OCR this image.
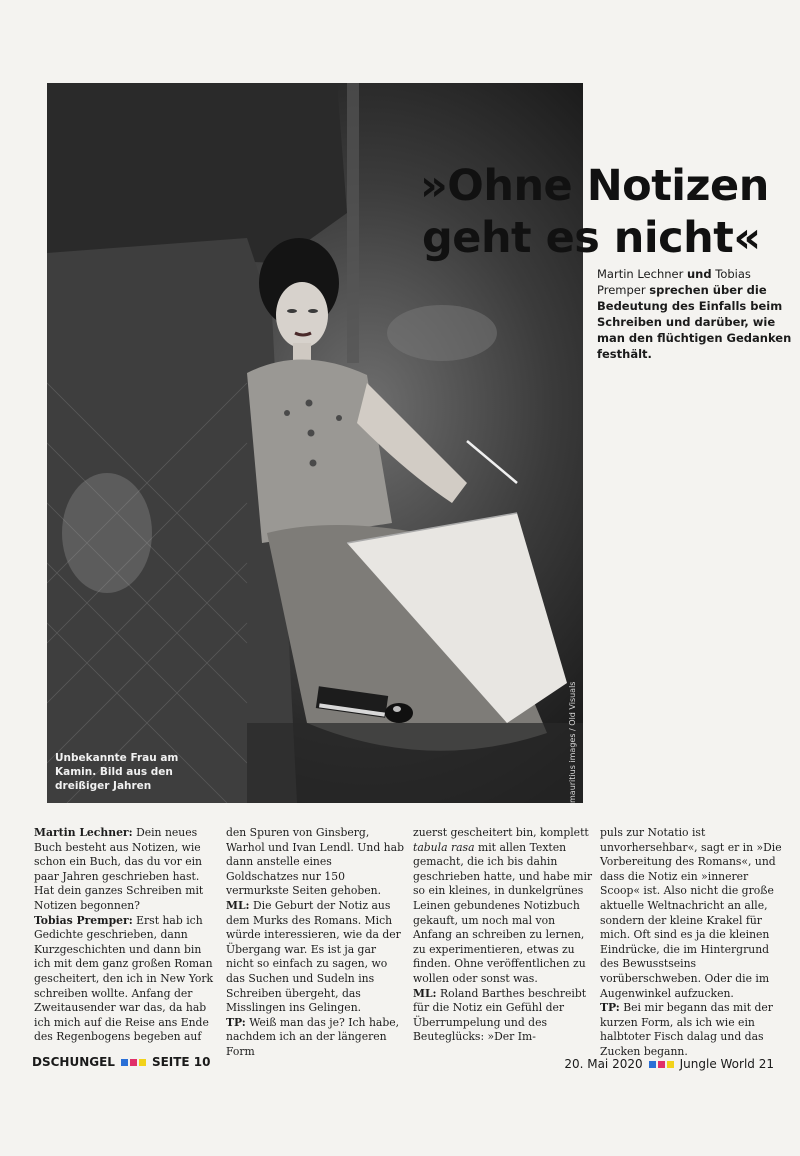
Unbekannte Frau am Kamin. Bild aus den dreißiger Jahren	mauritius images / Old Visuals
»Ohne Notizen
geht es nicht«
Martin Lechner und Tobias Premper sprechen über die Bedeutung des Einfalls beim Schreiben und darüber, wie man den flüchtigen Gedanken festhält.

Martin Lechner: Dein neues Buch besteht aus Notizen, wie schon ein Buch, das du vor ein paar Jahren geschrieben hast. Hat dein ganzes Schreiben mit Notizen begonnen?

Tobias Premper: Erst hab ich Gedichte geschrieben, dann Kurzgeschichten und dann bin ich mit dem ganz großen Roman gescheitert, den ich in New York schreiben wollte. Anfang der Zweitausender war das, da hab ich mich auf die Reise ans Ende des Regenbogens begeben auf

den Spuren von Ginsberg, Warhol und Ivan Lendl. Und hab dann anstelle eines Goldschatzes nur 150 vermurkste Seiten gehoben.

ML: Die Geburt der Notiz aus dem Murks des Romans. Mich würde interessieren, wie da der Übergang war. Es ist ja gar nicht so einfach zu sagen, wo das Suchen und Sudeln ins Schreiben übergeht, das Misslingen ins Gelingen.

TP: Weiß man das je? Ich habe, nachdem ich an der längeren Form

zuerst gescheitert bin, komplett tabula rasa mit allen Texten gemacht, die ich bis dahin geschrieben hatte, und habe mir so ein kleines, in dunkelgrünes Leinen gebundenes Notizbuch gekauft, um noch mal von Anfang an schreiben zu lernen, zu experimentieren, etwas zu finden. Ohne veröffentlichen zu wollen oder sonst was.

ML: Roland Barthes beschreibt für die Notiz ein Gefühl der Überrumpelung und des Beuteglücks: »Der Im-

puls zur Notatio ist unvorhersehbar«, sagt er in »Die Vorbereitung des Romans«, und dass die Notiz ein »innerer Scoop« ist. Also nicht die große aktuelle Weltnachricht an alle, sondern der kleine Krakel für mich. Oft sind es ja die kleinen Eindrücke, die im Hintergrund des Bewusstseins vorüberschweben. Oder die im Augenwinkel aufzucken.

TP: Bei mir begann das mit der kurzen Form, als ich wie ein halbtoter Fisch dalag und das Zucken begann.

DSCHUNGEL	SEITE 10	20. Mai 2020	Jungle World 21
